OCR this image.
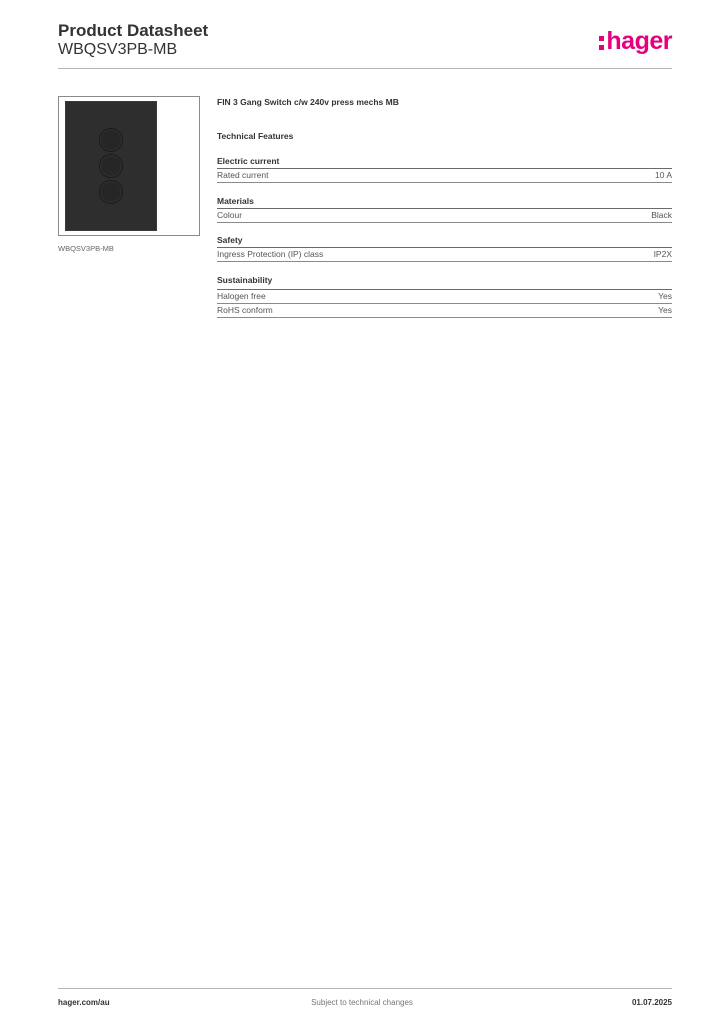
Product Datasheet
WBQSV3PB-MB	hager
WBQSV3PB-MB
FIN 3 Gang Switch c/w 240v press mechs MB
Technical Features
Electric current
Rated current	10 A
Materials
Colour	Black
Safety
Ingress Protection (IP) class	IP2X
Sustainability
Halogen free	Yes
RoHS conform	Yes
hager.com/au	Subject to technical changes	01.07.2025
